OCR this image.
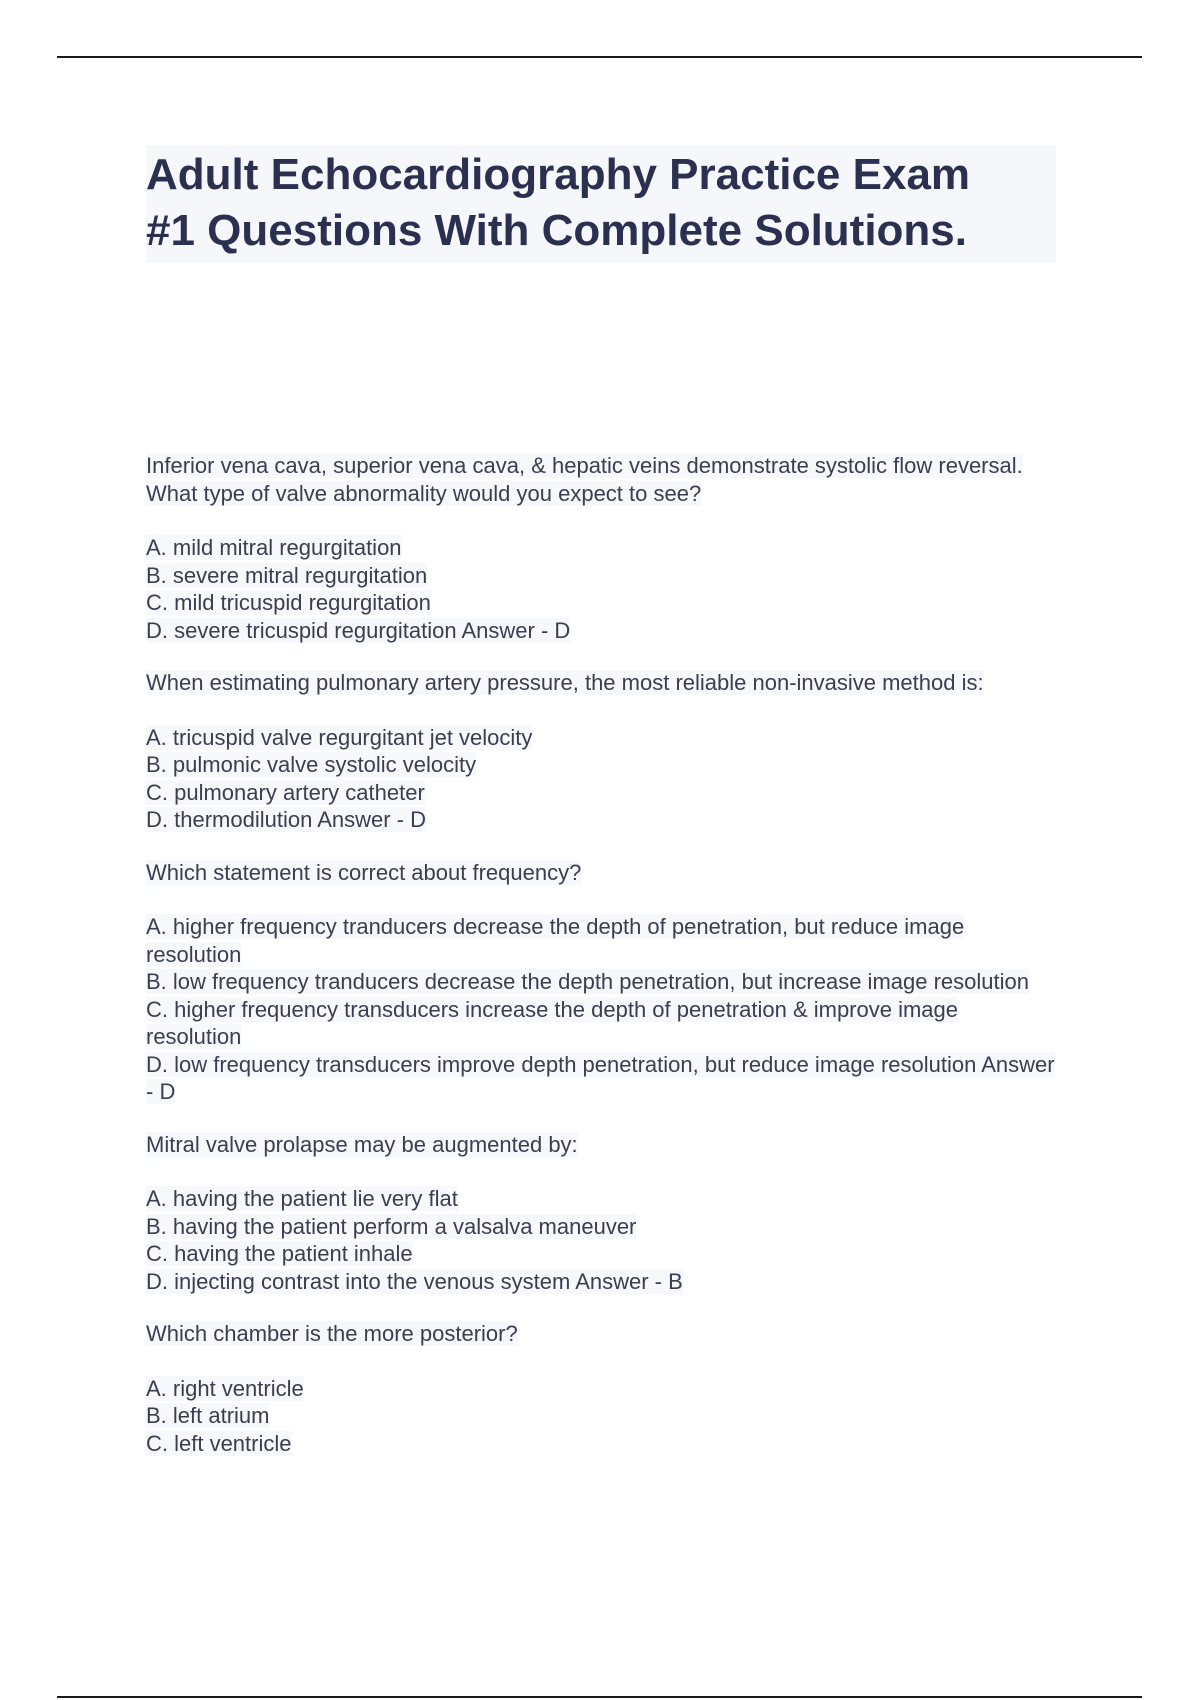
Adult Echocardiography Practice Exam
#1 Questions With Complete Solutions.
Inferior vena cava, superior vena cava, & hepatic veins demonstrate systolic flow reversal. What type of valve abnormality would you expect to see?
A. mild mitral regurgitation
B. severe mitral regurgitation
C. mild tricuspid regurgitation
D. severe tricuspid regurgitation Answer - D
When estimating pulmonary artery pressure, the most reliable non-invasive method is:
A. tricuspid valve regurgitant jet velocity
B. pulmonic valve systolic velocity
C. pulmonary artery catheter
D. thermodilution Answer - D
Which statement is correct about frequency?
A. higher frequency tranducers decrease the depth of penetration, but reduce image resolution
B. low frequency tranducers decrease the depth penetration, but increase image resolution
C. higher frequency transducers increase the depth of penetration & improve image resolution
D. low frequency transducers improve depth penetration, but reduce image resolution Answer - D
Mitral valve prolapse may be augmented by:
A. having the patient lie very flat
B. having the patient perform a valsalva maneuver
C. having the patient inhale
D. injecting contrast into the venous system Answer - B
Which chamber is the more posterior?
A. right ventricle
B. left atrium
C. left ventricle
